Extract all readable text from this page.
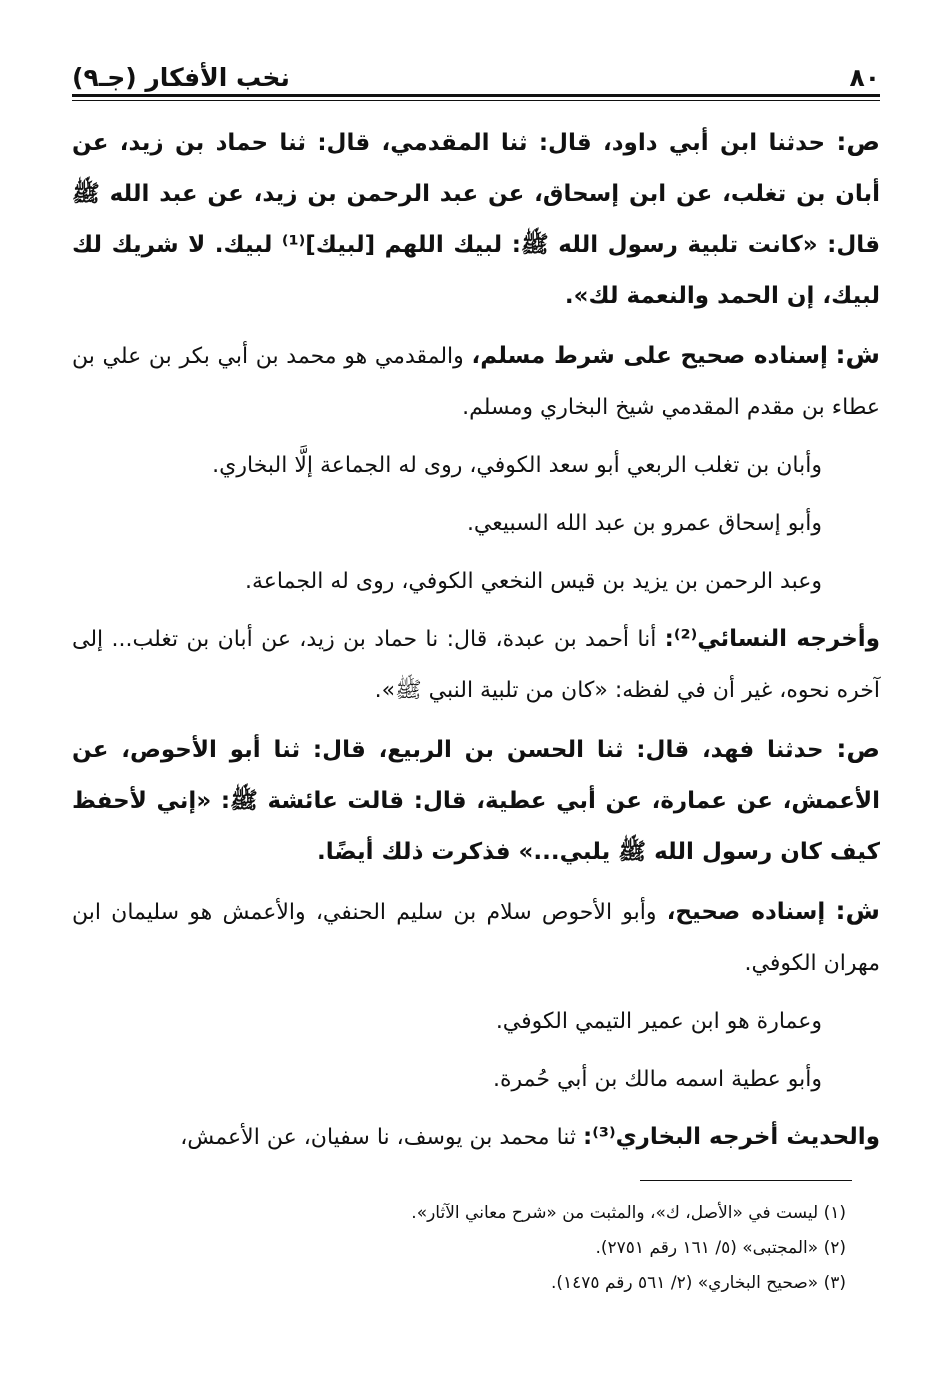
٨٠
نخب الأفكار (جـ٩)

ص: حدثنا ابن أبي داود، قال: ثنا المقدمي، قال: ثنا حماد بن زيد، عن أبان بن تغلب، عن ابن إسحاق، عن عبد الرحمن بن زيد، عن عبد الله ﷺ قال: «كانت تلبية رسول الله ﷺ: لبيك اللهم [لبيك]⁽¹⁾ لبيك. لا شريك لك لبيك، إن الحمد والنعمة لك».

ش: إسناده صحيح على شرط مسلم، والمقدمي هو محمد بن أبي بكر بن علي بن عطاء بن مقدم المقدمي شيخ البخاري ومسلم.

وأبان بن تغلب الربعي أبو سعد الكوفي، روى له الجماعة إلَّا البخاري.

وأبو إسحاق عمرو بن عبد الله السبيعي.

وعبد الرحمن بن يزيد بن قيس النخعي الكوفي، روى له الجماعة.

وأخرجه النسائي⁽²⁾: أنا أحمد بن عبدة، قال: نا حماد بن زيد، عن أبان بن تغلب... إلى آخره نحوه، غير أن في لفظه: «كان من تلبية النبي ﷺ».

ص: حدثنا فهد، قال: ثنا الحسن بن الربيع، قال: ثنا أبو الأحوص، عن الأعمش، عن عمارة، عن أبي عطية، قال: قالت عائشة ﷺ: «إني لأحفظ كيف كان رسول الله ﷺ يلبي...» فذكرت ذلك أيضًا.

ش: إسناده صحيح، وأبو الأحوص سلام بن سليم الحنفي، والأعمش هو سليمان ابن مهران الكوفي.

وعمارة هو ابن عمير التيمي الكوفي.

وأبو عطية اسمه مالك بن أبي حُمرة.

والحديث أخرجه البخاري⁽³⁾: ثنا محمد بن يوسف، نا سفيان، عن الأعمش،

(١) ليست في «الأصل، ك»، والمثبت من «شرح معاني الآثار».
(٢) «المجتبى» (٥/ ١٦١ رقم ٢٧٥١).
(٣) «صحيح البخاري» (٢/ ٥٦١ رقم ١٤٧٥).
